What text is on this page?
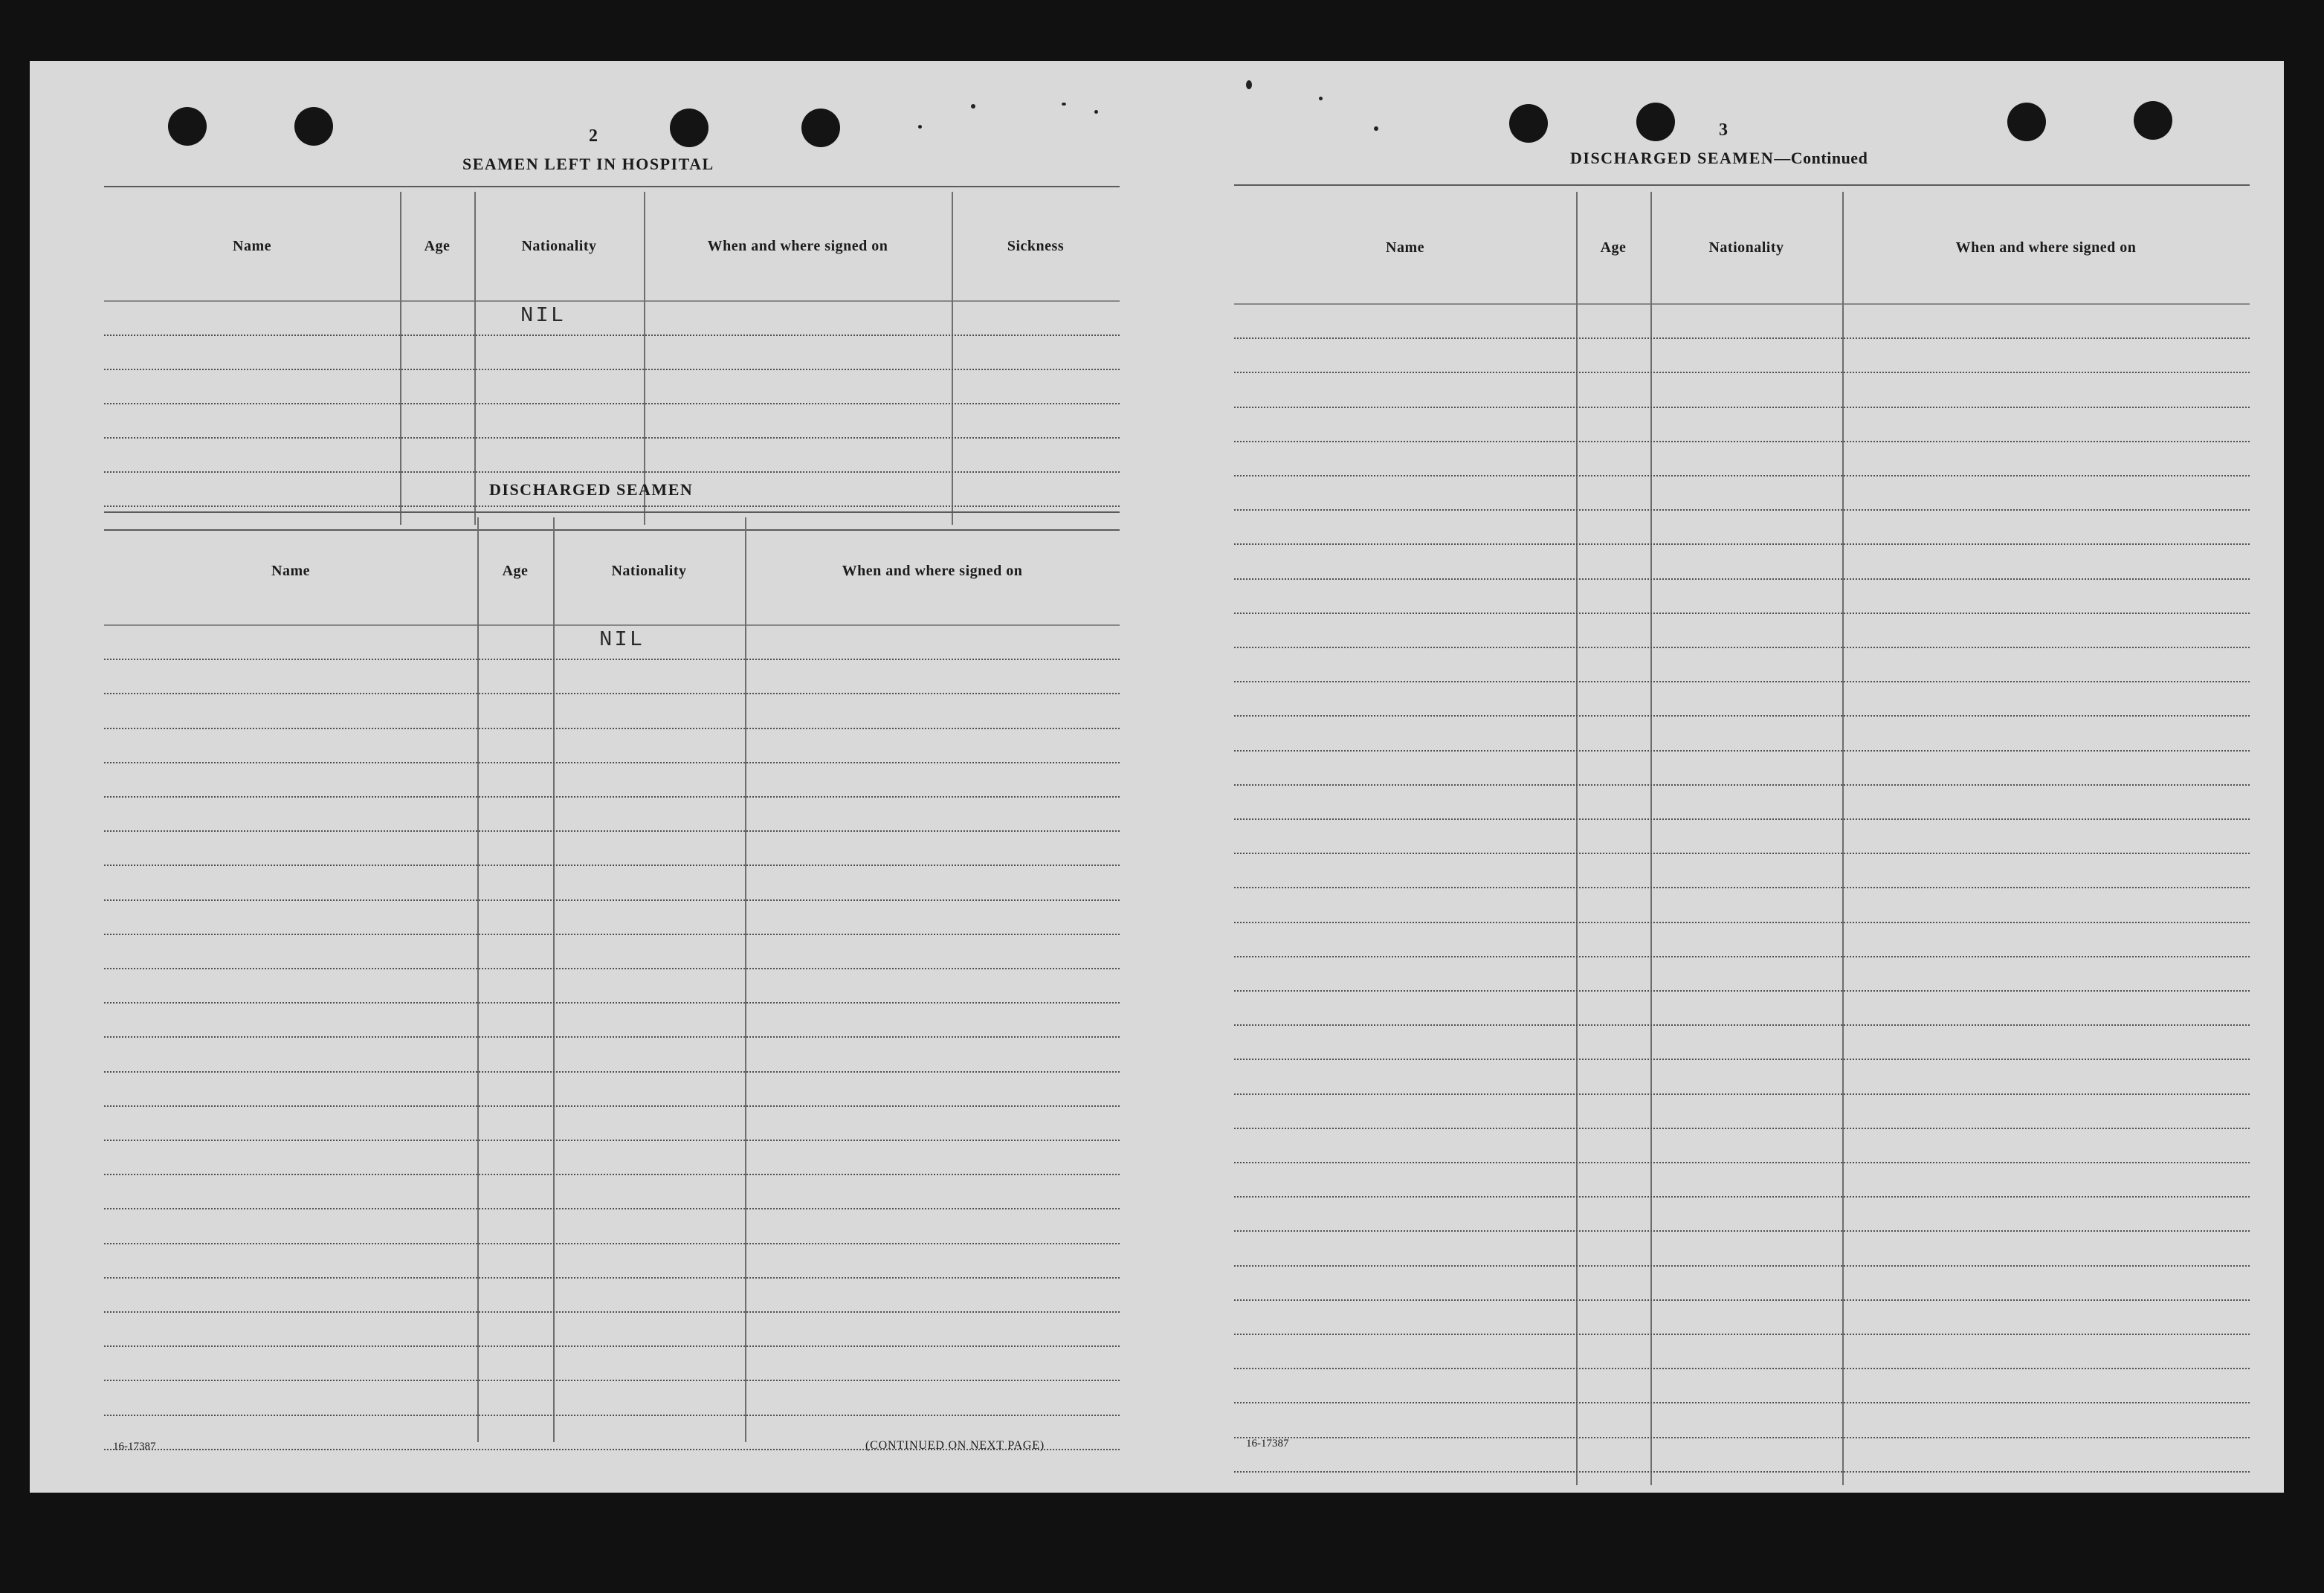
2
SEAMEN LEFT IN HOSPITAL
Name	Age	Nationality	When and where signed on	Sickness
NIL
DISCHARGED SEAMEN
Name	Age	Nationality	When and where signed on
NIL
16-17387	(CONTINUED ON NEXT PAGE)
3
DISCHARGED SEAMEN—Continued
Name	Age	Nationality	When and where signed on
16-17387
